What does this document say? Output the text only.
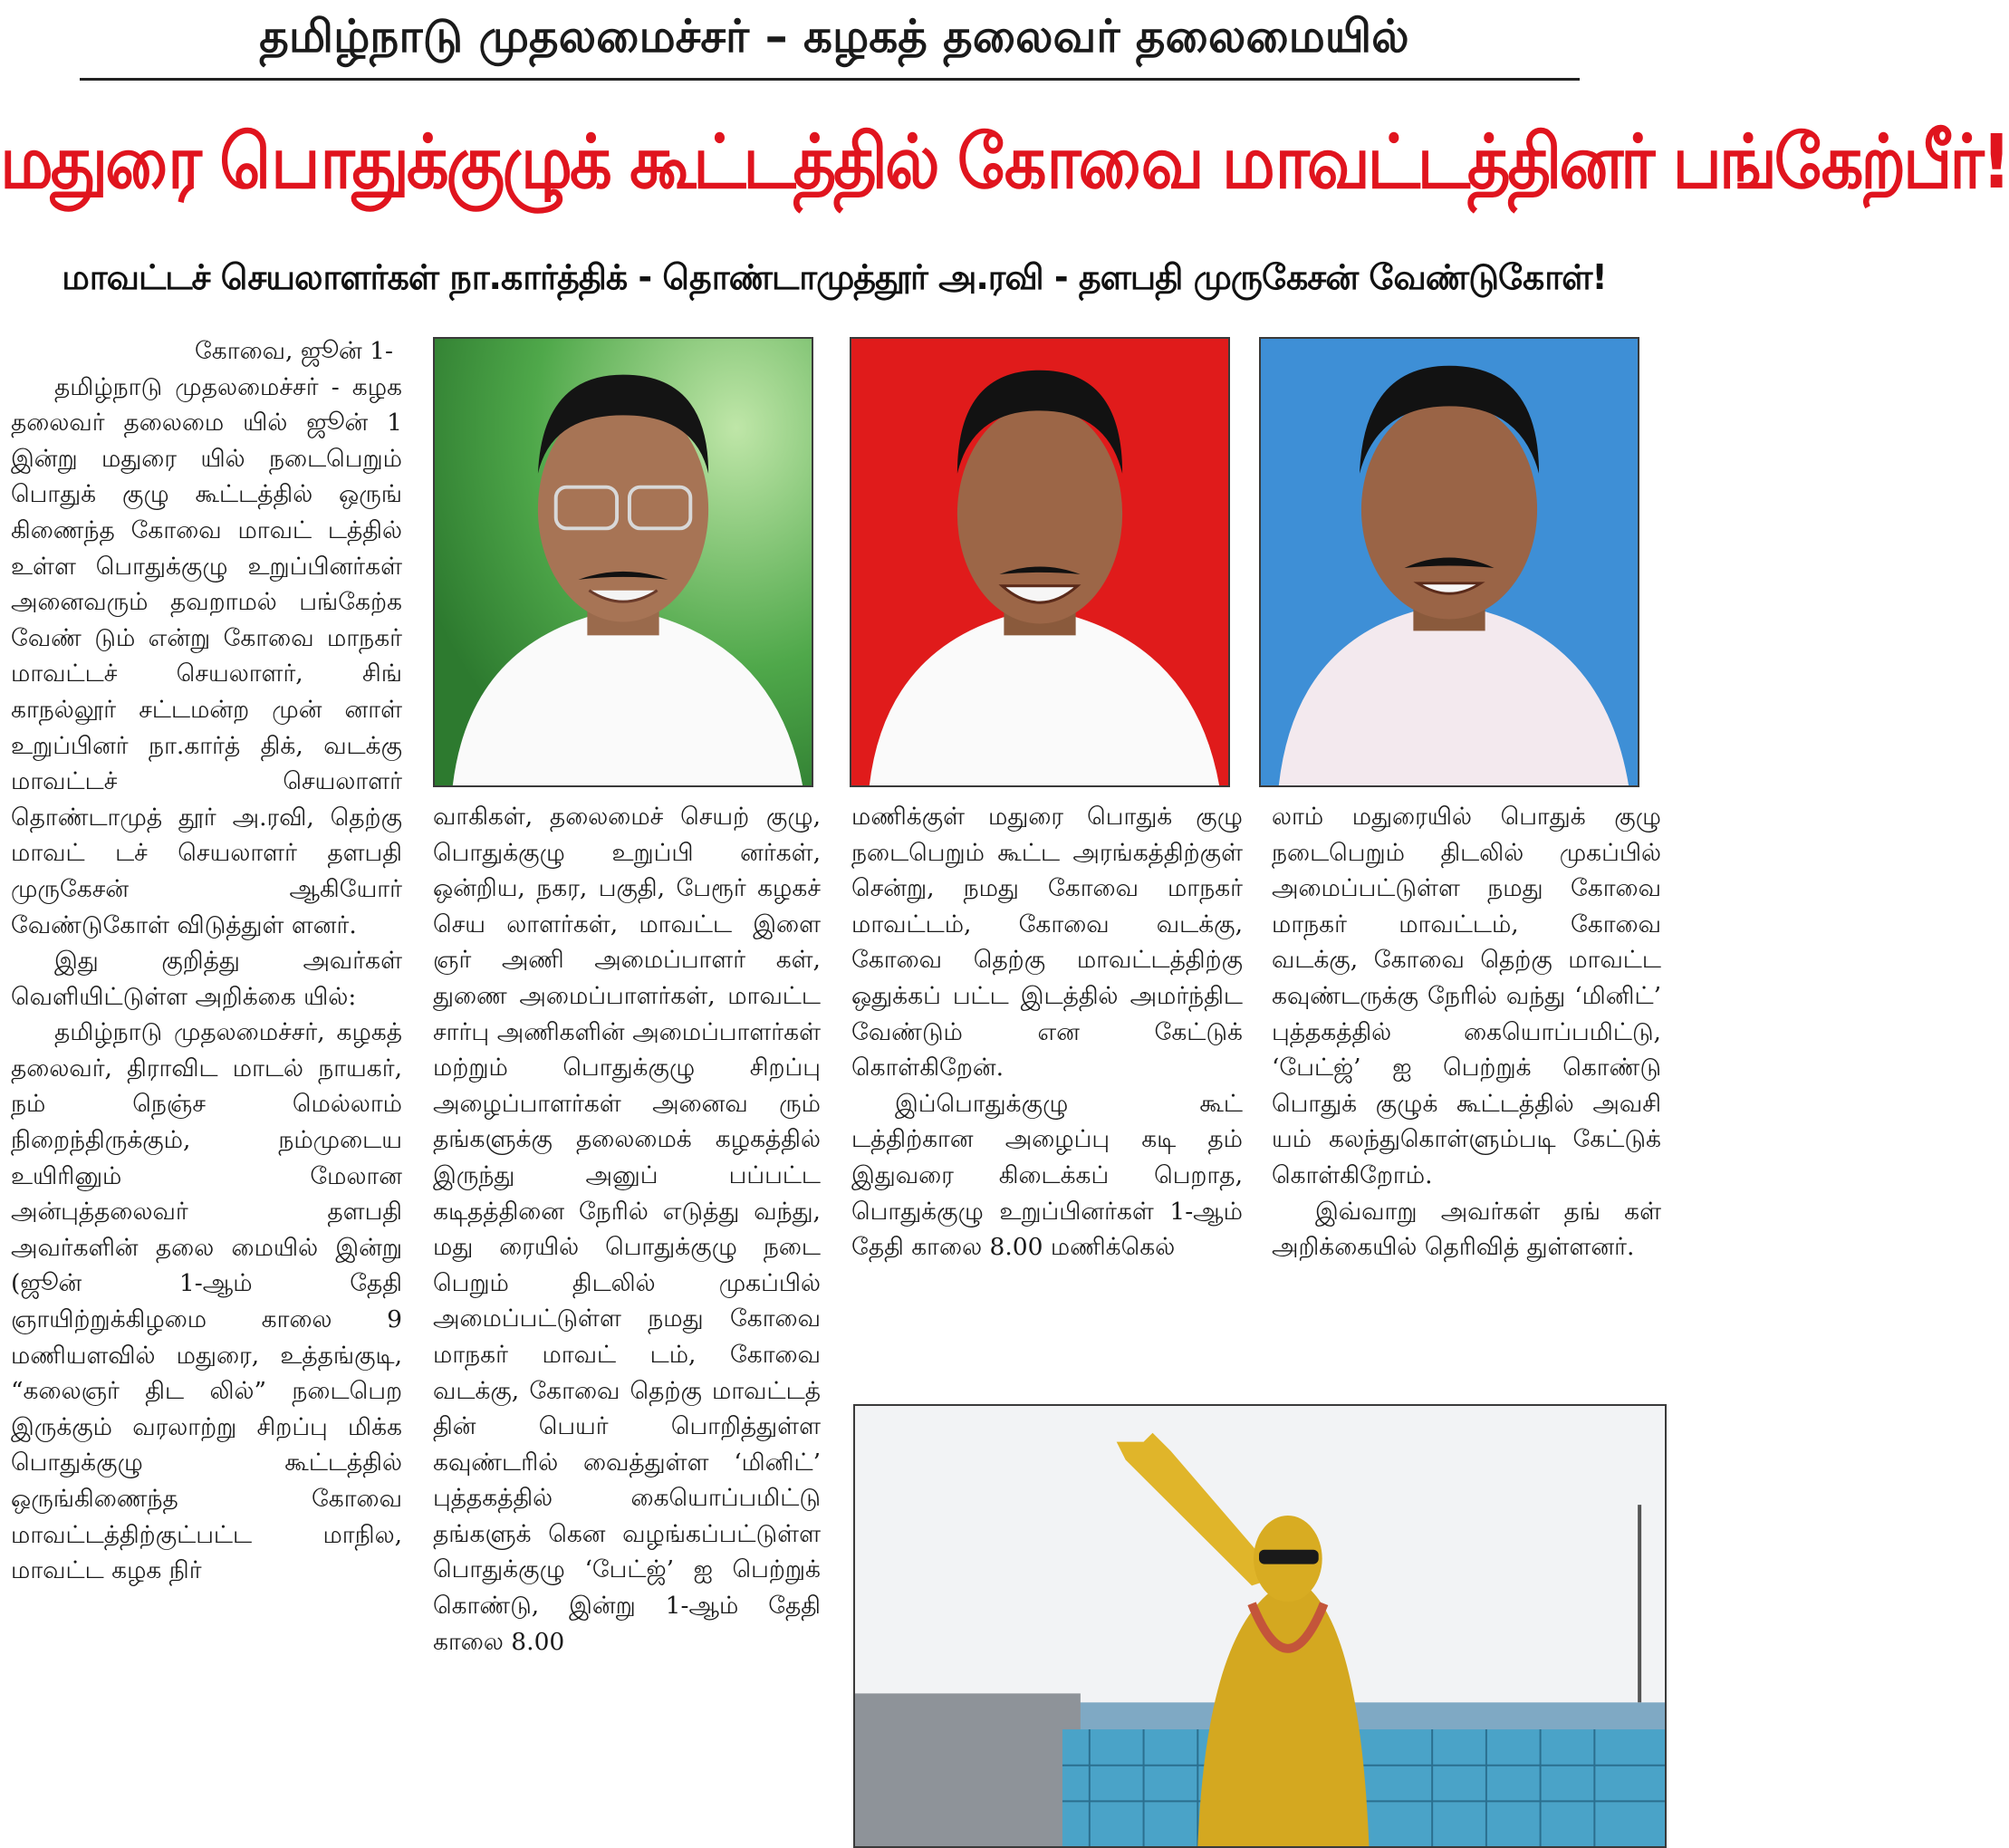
தமிழ்நாடு முதலமைச்சர் – கழகத் தலைவர் தலைமையில்
மதுரை பொதுக்குழுக் கூட்டத்தில் கோவை மாவட்டத்தினர் பங்கேற்பீர்!
மாவட்டச் செயலாளர்கள் நா.கார்த்திக் - தொண்டாமுத்தூர் அ.ரவி - தளபதி முருகேசன் வேண்டுகோள்!

கோவை, ஜூன் 1-

தமிழ்நாடு முதலமைச்சர் - கழக தலைவர் தலைமை யில் ஜூன் 1 இன்று மதுரை யில் நடைபெறும் பொதுக் குழு கூட்டத்தில் ஒருங் கிணைந்த கோவை மாவட் டத்தில் உள்ள பொதுக்குழு உறுப்பினர்கள் அனைவரும் தவறாமல் பங்கேற்க வேண் டும் என்று கோவை மாநகர் மாவட்டச் செயலாளர், சிங் காநல்லூர் சட்டமன்ற முன் னாள் உறுப்பினர் நா.கார்த் திக், வடக்கு மாவட்டச் செயலாளர் தொண்டாமுத் தூர் அ.ரவி, தெற்கு மாவட் டச் செயலாளர் தளபதி முருகேசன் ஆகியோர் வேண்டுகோள் விடுத்துள் ளனர்.

இது குறித்து அவர்கள் வெளியிட்டுள்ள அறிக்கை யில்:

தமிழ்நாடு முதலமைச்சர், கழகத் தலைவர், திராவிட மாடல் நாயகர், நம் நெஞ்ச மெல்லாம் நிறைந்திருக்கும், நம்முடைய உயிரினும் மேலான அன்புத்தலைவர் தளபதி அவர்களின் தலை மையில் இன்று (ஜூன் 1-ஆம் தேதி ஞாயிற்றுக்கிழமை காலை 9 மணியளவில் மதுரை, உத்தங்குடி, “கலைஞர் திட லில்” நடைபெற இருக்கும் வரலாற்று சிறப்பு மிக்க பொதுக்குழு கூட்டத்தில் ஒருங்கிணைந்த கோவை மாவட்டத்திற்குட்பட்ட மாநில, மாவட்ட கழக நிர்

வாகிகள், தலைமைச் செயற் குழு, பொதுக்குழு உறுப்பி னர்கள், ஒன்றிய, நகர, பகுதி, பேரூர் கழகச் செய லாளர்கள், மாவட்ட இளை ஞர் அணி அமைப்பாளர் கள், துணை அமைப்பாளர்கள், மாவட்ட சார்பு அணிகளின் அமைப்பாளர்கள் மற்றும் பொதுக்குழு சிறப்பு அழைப்பாளர்கள் அனைவ ரும் தங்களுக்கு தலைமைக் கழகத்தில் இருந்து அனுப் பப்பட்ட கடிதத்தினை நேரில் எடுத்து வந்து, மது ரையில் பொதுக்குழு நடை பெறும் திடலில் முகப்பில் அமைப்பட்டுள்ள நமது கோவை மாநகர் மாவட் டம், கோவை வடக்கு, கோவை தெற்கு மாவட்டத் தின் பெயர் பொறித்துள்ள கவுண்டரில் வைத்துள்ள ‘மினிட்’ புத்தகத்தில் கையொப்பமிட்டு தங்களுக் கென வழங்கப்பட்டுள்ள பொதுக்குழு ‘பேட்ஜ்’ ஐ பெற்றுக் கொண்டு, இன்று 1-ஆம் தேதி காலை 8.00

மணிக்குள் மதுரை பொதுக் குழு நடைபெறும் கூட்ட அரங்கத்திற்குள் சென்று, நமது கோவை மாநகர் மாவட்டம், கோவை வடக்கு, கோவை தெற்கு மாவட்டத்திற்கு ஒதுக்கப் பட்ட இடத்தில் அமர்ந்திட வேண்டும் என கேட்டுக் கொள்கிறேன்.

இப்பொதுக்குழு கூட் டத்திற்கான அழைப்பு கடி தம் இதுவரை கிடைக்கப் பெறாத, பொதுக்குழு உறுப்பினர்கள் 1-ஆம் தேதி காலை 8.00 மணிக்கெல்

லாம் மதுரையில் பொதுக் குழு நடைபெறும் திடலில் முகப்பில் அமைப்பட்டுள்ள நமது கோவை மாநகர் மாவட்டம், கோவை வடக்கு, கோவை தெற்கு மாவட்ட கவுண்டருக்கு நேரில் வந்து ‘மினிட்’ புத்தகத்தில் கையொப்பமிட்டு, ‘பேட்ஜ்’ ஐ பெற்றுக் கொண்டு பொதுக் குழுக் கூட்டத்தில் அவசி யம் கலந்துகொள்ளும்படி கேட்டுக் கொள்கிறோம்.

இவ்வாறு அவர்கள் தங் கள் அறிக்கையில் தெரிவித் துள்ளனர்.
